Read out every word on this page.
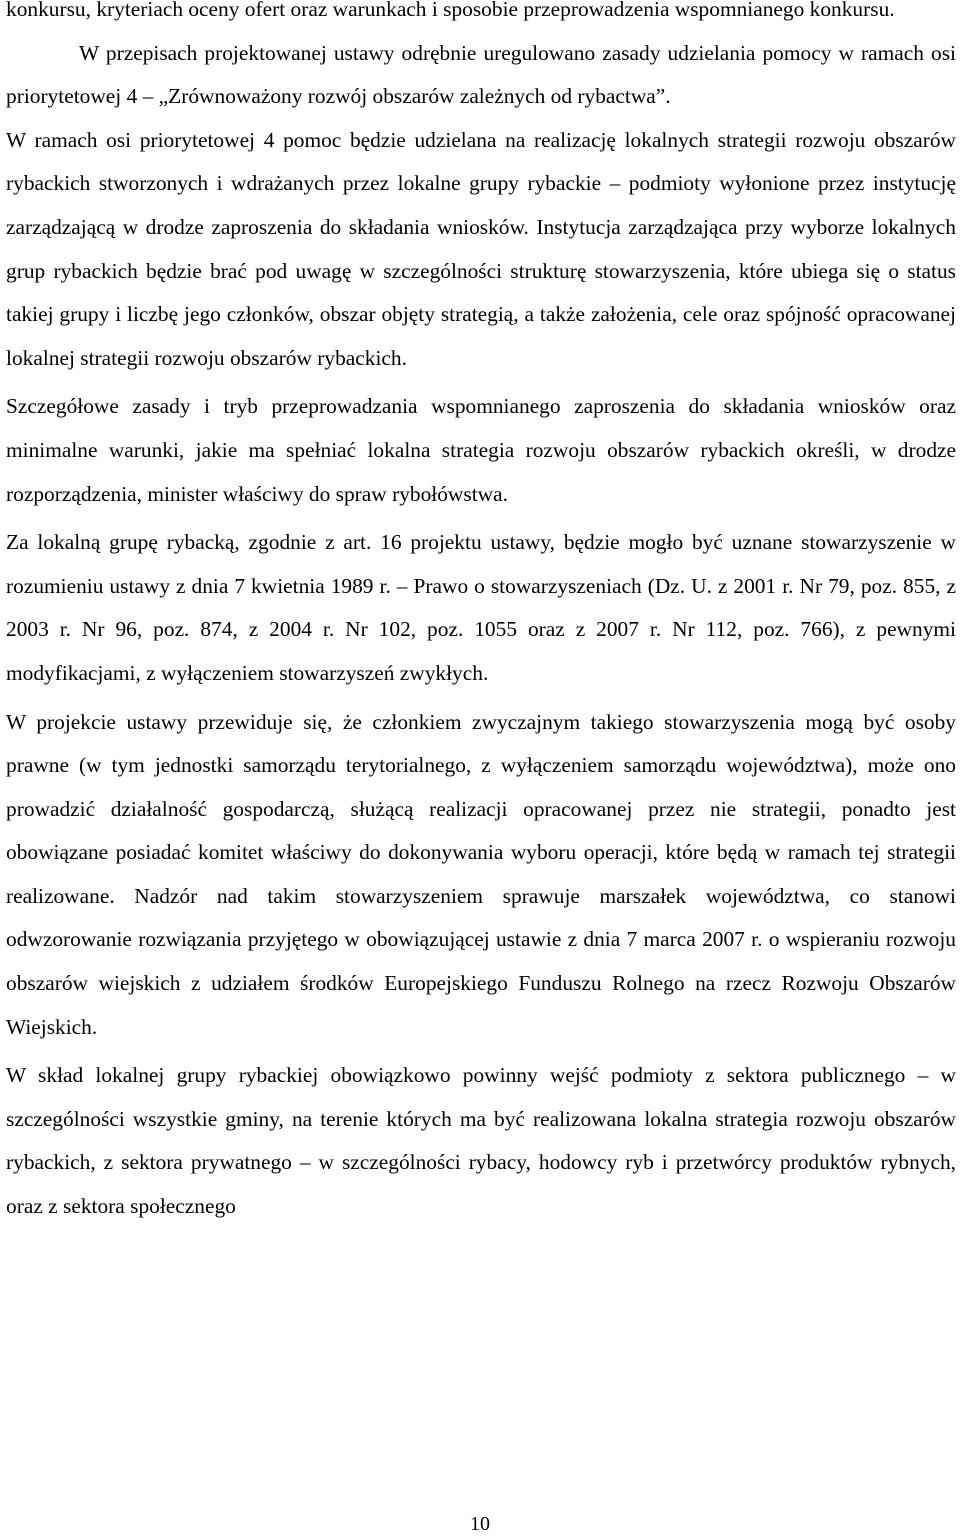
konkursu, kryteriach oceny ofert oraz warunkach i sposobie przeprowadzenia wspomnianego konkursu.

W przepisach projektowanej ustawy odrębnie uregulowano zasady udzielania pomocy w ramach osi priorytetowej 4 – „Zrównoważony rozwój obszarów zależnych od rybactwa”.

W ramach osi priorytetowej 4 pomoc będzie udzielana na realizację lokalnych strategii rozwoju obszarów rybackich stworzonych i wdrażanych przez lokalne grupy rybackie – podmioty wyłonione przez instytucję zarządzającą w drodze zaproszenia do składania wniosków. Instytucja zarządzająca przy wyborze lokalnych grup rybackich będzie brać pod uwagę w szczególności strukturę stowarzyszenia, które ubiega się o status takiej grupy i liczbę jego członków, obszar objęty strategią, a także założenia, cele oraz spójność opracowanej lokalnej strategii rozwoju obszarów rybackich.

Szczegółowe zasady i tryb przeprowadzania wspomnianego zaproszenia do składania wniosków oraz minimalne warunki, jakie ma spełniać lokalna strategia rozwoju obszarów rybackich określi, w drodze rozporządzenia, minister właściwy do spraw rybołówstwa.

Za lokalną grupę rybacką, zgodnie z art. 16 projektu ustawy, będzie mogło być uznane stowarzyszenie w rozumieniu ustawy z dnia 7 kwietnia 1989 r. – Prawo o stowarzyszeniach (Dz. U. z 2001 r. Nr 79, poz. 855, z 2003 r. Nr 96, poz. 874, z 2004 r. Nr 102, poz. 1055 oraz z 2007 r. Nr 112, poz. 766), z pewnymi modyfikacjami, z wyłączeniem stowarzyszeń zwykłych.

W projekcie ustawy przewiduje się, że członkiem zwyczajnym takiego stowarzyszenia mogą być osoby prawne (w tym jednostki samorządu terytorialnego, z wyłączeniem samorządu województwa), może ono prowadzić działalność gospodarczą, służącą realizacji opracowanej przez nie strategii, ponadto jest obowiązane posiadać komitet właściwy do dokonywania wyboru operacji, które będą w ramach tej strategii realizowane. Nadzór nad takim stowarzyszeniem sprawuje marszałek województwa, co stanowi odwzorowanie rozwiązania przyjętego w obowiązującej ustawie z dnia 7 marca 2007 r. o wspieraniu rozwoju obszarów wiejskich z udziałem środków Europejskiego Funduszu Rolnego na rzecz Rozwoju Obszarów Wiejskich.

W skład lokalnej grupy rybackiej obowiązkowo powinny wejść podmioty z sektora publicznego – w szczególności wszystkie gminy, na terenie których ma być realizowana lokalna strategia rozwoju obszarów rybackich, z sektora prywatnego – w szczególności rybacy, hodowcy ryb i przetwórcy produktów rybnych, oraz z sektora społecznego

10
